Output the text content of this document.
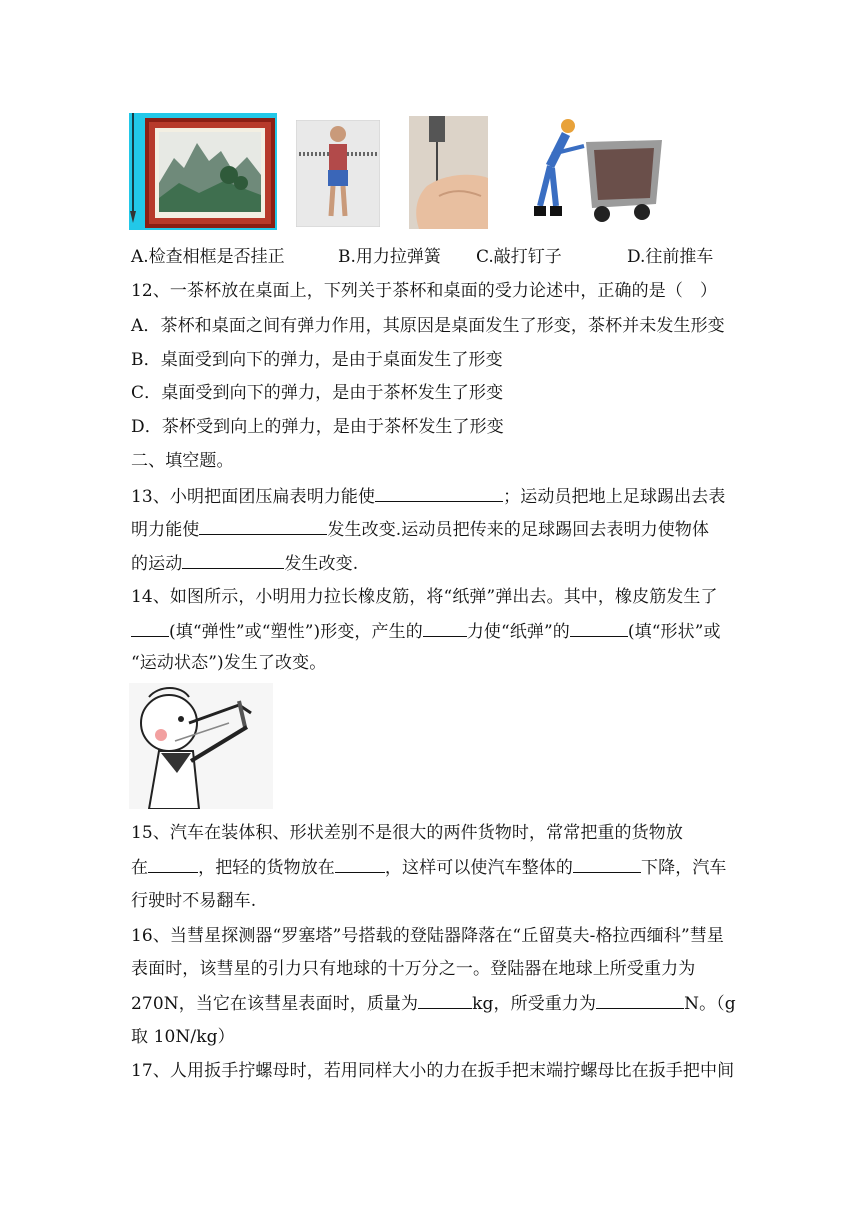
A.检查相框是否挂正	B.用力拉弹簧 C.敲打钉子	D.往前推车
12、一茶杯放在桌面上，下列关于茶杯和桌面的受力论述中，正确的是（　）
A．茶杯和桌面之间有弹力作用，其原因是桌面发生了形变，茶杯并未发生形变
B．桌面受到向下的弹力，是由于桌面发生了形变
C．桌面受到向下的弹力，是由于茶杯发生了形变
D．茶杯受到向上的弹力，是由于茶杯发生了形变
二、填空题。
13、小明把面团压扁表明力能使	；运动员把地上足球踢出去表
明力能使	发生改变.运动员把传来的足球踢回去表明力使物体
的运动	发生改变.
14、如图所示，小明用力拉长橡皮筋，将“纸弹”弹出去。其中，橡皮筋发生了
(填“弹性”或“塑性”)形变，产生的	力使“纸弹”的	(填“形状”或
“运动状态”)发生了改变。
15、汽车在装体积、形状差别不是很大的两件货物时，常常把重的货物放
在	，把轻的货物放在	，这样可以使汽车整体的	下降，汽车
行驶时不易翻车.
16、当彗星探测器“罗塞塔”号搭载的登陆器降落在“丘留莫夫-格拉西缅科”彗星
表面时，该彗星的引力只有地球的十万分之一。登陆器在地球上所受重力为
270N，当它在该彗星表面时，质量为	kg，所受重力为	N。（g
取 10N/kg）
17、人用扳手拧螺母时，若用同样大小的力在扳手把末端拧螺母比在扳手把中间
